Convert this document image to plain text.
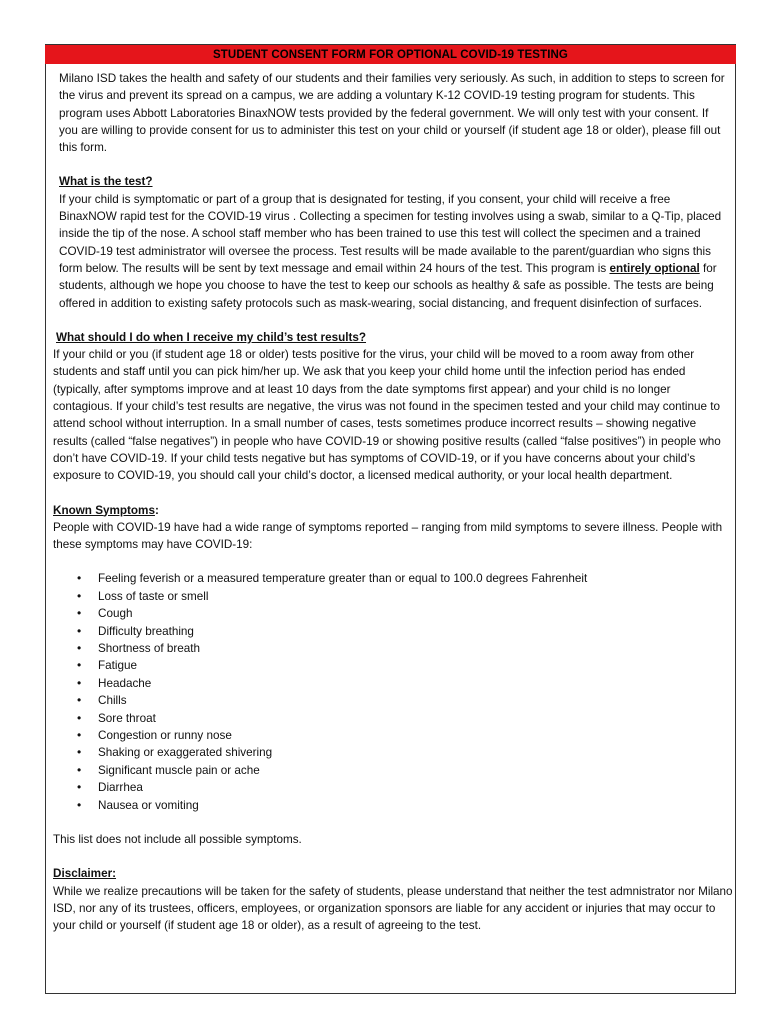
STUDENT CONSENT FORM FOR OPTIONAL COVID-19 TESTING

Milano ISD takes the health and safety of our students and their families very seriously. As such, in addition to steps to screen for the virus and prevent its spread on a campus, we are adding a voluntary K-12 COVID-19 testing program for students. This program uses Abbott Laboratories BinaxNOW tests provided by the federal government. We will only test with your consent. If you are willing to provide consent for us to administer this test on your child or yourself (if student age 18 or older), please fill out this form.

What is the test?

If your child is symptomatic or part of a group that is designated for testing, if you consent, your child will receive a free BinaxNOW rapid test for the COVID-19 virus . Collecting a specimen for testing involves using a swab, similar to a Q-Tip, placed inside the tip of the nose. A school staff member who has been trained to use this test will collect the specimen and a trained COVID-19 test administrator will oversee the process. Test results will be made available to the parent/guardian who signs this form below. The results will be sent by text message and email within 24 hours of the test. This program is entirely optional for students, although we hope you choose to have the test to keep our schools as healthy & safe as possible. The tests are being offered in addition to existing safety protocols such as mask-wearing, social distancing, and frequent disinfection of surfaces.

What should I do when I receive my child’s test results?

If your child or you (if student age 18 or older) tests positive for the virus, your child will be moved to a room away from other students and staff until you can pick him/her up. We ask that you keep your child home until the infection period has ended (typically, after symptoms improve and at least 10 days from the date symptoms first appear) and your child is no longer contagious. If your child’s test results are negative, the virus was not found in the specimen tested and your child may continue to attend school without interruption. In a small number of cases, tests sometimes produce incorrect results – showing negative results (called “false negatives”) in people who have COVID-19 or showing positive results (called “false positives”) in people who don’t have COVID-19. If your child tests negative but has symptoms of COVID-19, or if you have concerns about your child’s exposure to COVID-19, you should call your child’s doctor, a licensed medical authority, or your local health department.

Known Symptoms:

People with COVID-19 have had a wide range of symptoms reported – ranging from mild symptoms to severe illness. People with these symptoms may have COVID-19:

•	Feeling feverish or a measured temperature greater than or equal to 100.0 degrees Fahrenheit
•	Loss of taste or smell
•	Cough
•	Difficulty breathing
•	Shortness of breath
•	Fatigue
•	Headache
•	Chills
•	Sore throat
•	Congestion or runny nose
•	Shaking or exaggerated shivering
•	Significant muscle pain or ache
•	Diarrhea
•	Nausea or vomiting

This list does not include all possible symptoms.

Disclaimer:

While we realize precautions will be taken for the safety of students, please understand that neither the test admnistrator nor Milano ISD, nor any of its trustees, officers, employees, or organization sponsors are liable for any accident or injuries that may occur to your child or yourself (if student age 18 or older), as a result of agreeing to the test.
